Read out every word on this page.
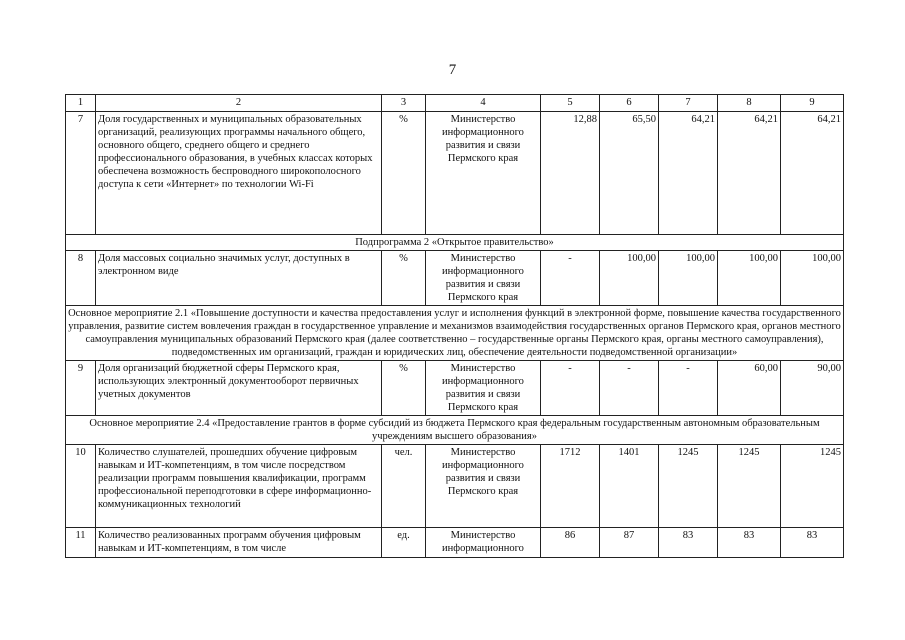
7
1	2	3	4	5	6	7	8	9
7	Доля государственных и муниципальных образовательных организаций, реализующих программы начального общего, основного общего, среднего общего и среднего профессионального образования, в учебных классах которых обеспечена возможность беспроводного широкополосного доступа к сети «Интернет» по технологии Wi-Fi	%	Министерство информационного развития и связи Пермского края	12,88	65,50	64,21	64,21	64,21
Подпрограмма 2 «Открытое правительство»								
8	Доля массовых социально значимых услуг, доступных в электронном виде	%	Министерство информационного развития и связи Пермского края	-	100,00	100,00	100,00	100,00
Основное мероприятие 2.1 «Повышение доступности и качества предоставления услуг и исполнения функций в электронной форме, повышение качества государственного управления, развитие систем вовлечения граждан в государственное управление и механизмов взаимодействия государственных органов Пермского края, органов местного самоуправления муниципальных образований Пермского края (далее соответственно – государственные органы Пермского края, органы местного самоуправления), подведомственных им организаций, граждан и юридических лиц, обеспечение деятельности подведомственной организации»								
9	Доля организаций бюджетной сферы Пермского края, использующих электронный документооборот первичных учетных документов	%	Министерство информационного развития и связи Пермского края	-	-	-	60,00	90,00
Основное мероприятие 2.4 «Предоставление грантов в форме субсидий из бюджета Пермского края федеральным государственным автономным образовательным учреждениям высшего образования»								
10	Количество слушателей, прошедших обучение цифровым навыкам и ИТ-компетенциям, в том числе посредством реализации программ повышения квалификации, программ профессиональной переподготовки в сфере информационно-коммуникационных технологий	чел.	Министерство информационного развития и связи Пермского края	1712	1401	1245	1245	1245
11	Количество реализованных программ обучения цифровым навыкам и ИТ-компетенциям, в том числе	ед.	Министерство информационного	86	87	83	83	83
